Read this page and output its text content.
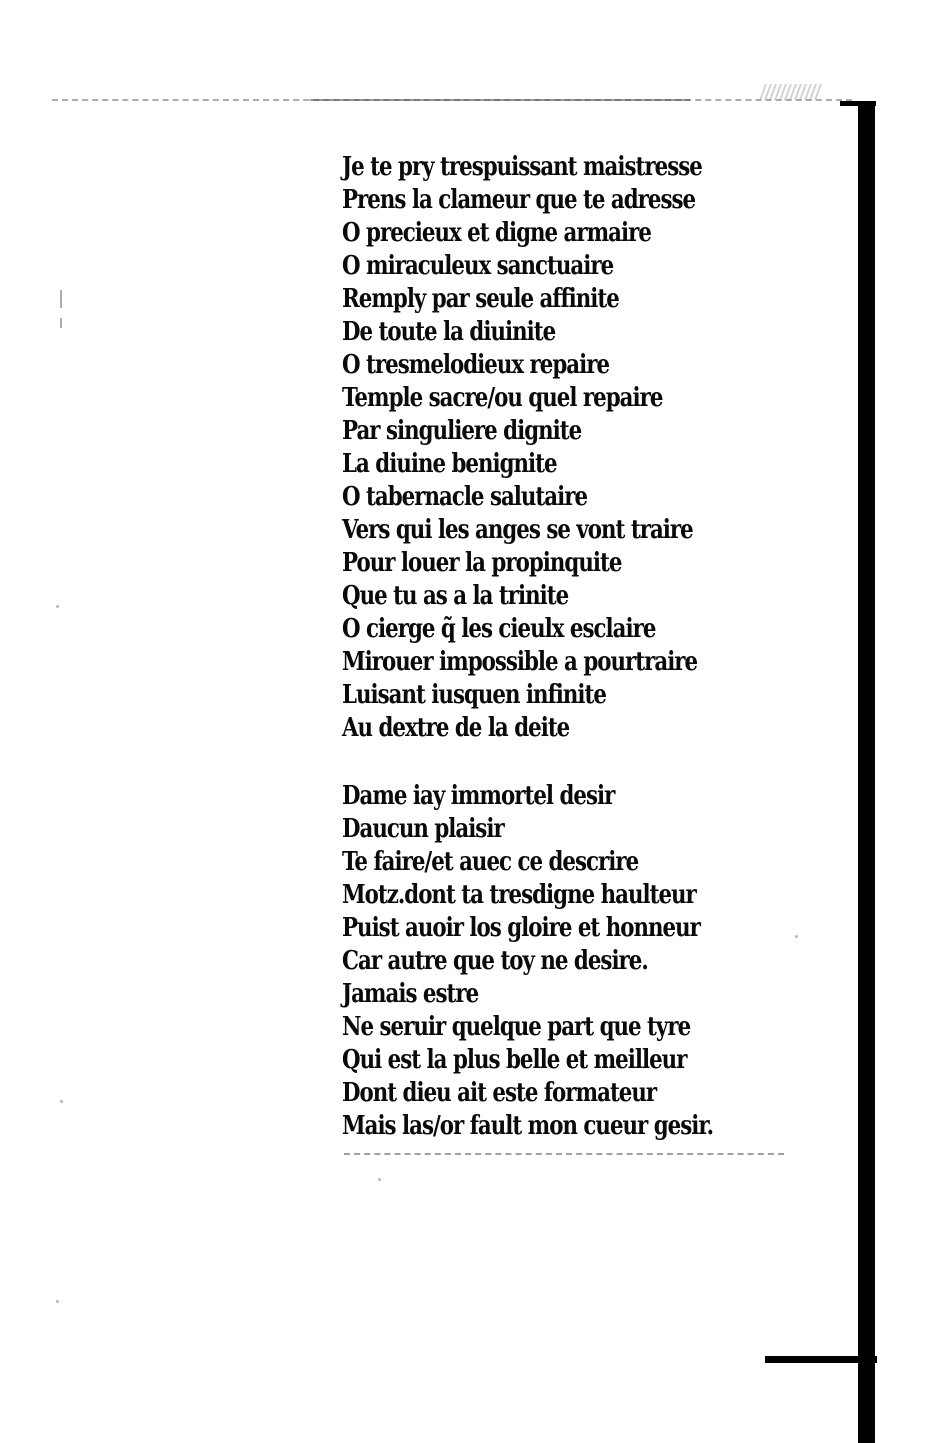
Je te pry trespuissant maistresse
Prens la clameur que te adresse
O precieux et digne armaire
O miraculeux sanctuaire
Remply par seule affinite
De toute la diuinite
O tresmelodieux repaire
Temple sacre/ou quel repaire
Par singuliere dignite
La diuine benignite
O tabernacle salutaire
Vers qui les anges se vont traire
Pour louer la propinquite
Que tu as a la trinite
O cierge q̃ les cieulx esclaire
Mirouer impossible a pourtraire
Luisant iusquen infinite
Au dextre de la deite
Dame iay immortel desir
Daucun plaisir
Te faire/et auec ce descrire
Motz.dont ta tresdigne haulteur
Puist auoir los gloire et honneur
Car autre que toy ne desire.
Jamais estre
Ne seruir quelque part que tyre
Qui est la plus belle et meilleur
Dont dieu ait este formateur
Mais las/or fault mon cueur gesir.
